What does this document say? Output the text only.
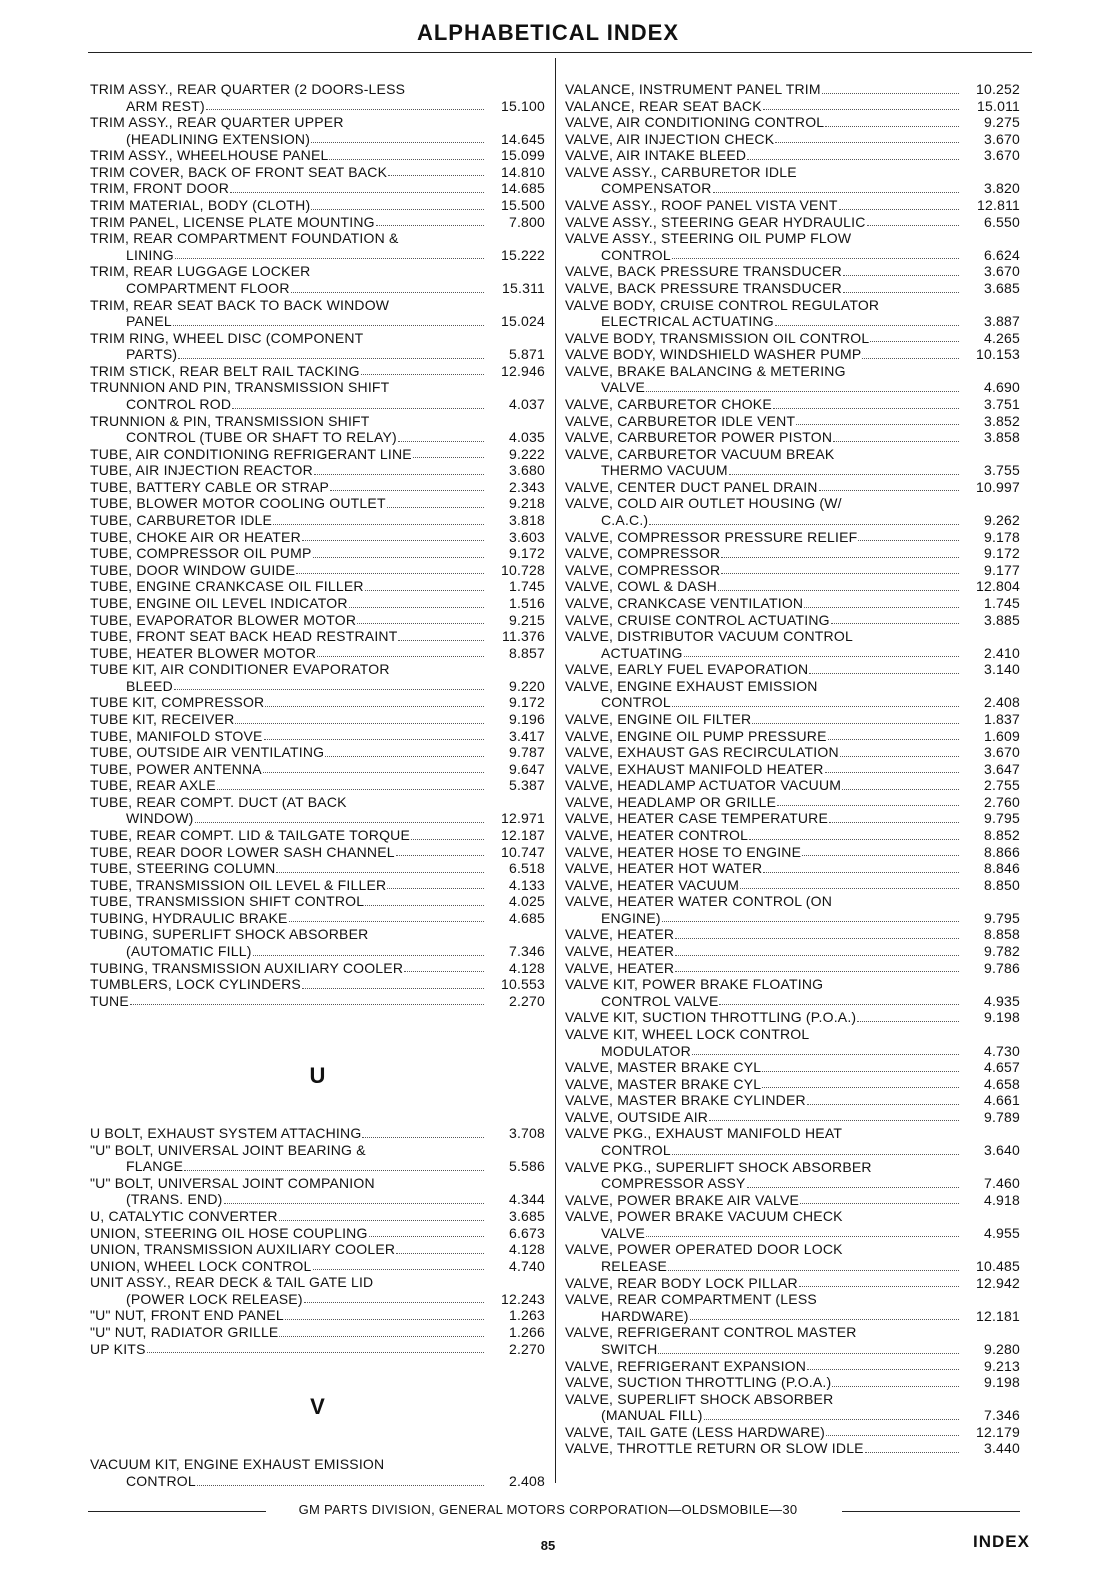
ALPHABETICAL INDEX
TRIM ASSY., REAR QUARTER (2 DOORS-LESS
ARM REST)	15.100
TRIM ASSY., REAR QUARTER UPPER
(HEADLINING EXTENSION)	14.645
TRIM ASSY., WHEELHOUSE PANEL	15.099
TRIM COVER, BACK OF FRONT SEAT BACK	14.810
TRIM, FRONT DOOR	14.685
TRIM MATERIAL, BODY (CLOTH)	15.500
TRIM PANEL, LICENSE PLATE MOUNTING	7.800
TRIM, REAR COMPARTMENT FOUNDATION &
LINING	15.222
TRIM, REAR LUGGAGE LOCKER
COMPARTMENT FLOOR	15.311
TRIM, REAR SEAT BACK TO BACK WINDOW
PANEL	15.024
TRIM RING, WHEEL DISC (COMPONENT
PARTS)	5.871
TRIM STICK, REAR BELT RAIL TACKING	12.946
TRUNNION AND PIN, TRANSMISSION SHIFT
CONTROL ROD	4.037
TRUNNION & PIN, TRANSMISSION SHIFT
CONTROL (TUBE OR SHAFT TO RELAY)	4.035
TUBE, AIR CONDITIONING REFRIGERANT LINE	9.222
TUBE, AIR INJECTION REACTOR	3.680
TUBE, BATTERY CABLE OR STRAP	2.343
TUBE, BLOWER MOTOR COOLING OUTLET	9.218
TUBE, CARBURETOR IDLE	3.818
TUBE, CHOKE AIR OR HEATER	3.603
TUBE, COMPRESSOR OIL PUMP	9.172
TUBE, DOOR WINDOW GUIDE	10.728
TUBE, ENGINE CRANKCASE OIL FILLER	1.745
TUBE, ENGINE OIL LEVEL INDICATOR	1.516
TUBE, EVAPORATOR BLOWER MOTOR	9.215
TUBE, FRONT SEAT BACK HEAD RESTRAINT	11.376
TUBE, HEATER BLOWER MOTOR	8.857
TUBE KIT, AIR CONDITIONER EVAPORATOR
BLEED	9.220
TUBE KIT, COMPRESSOR	9.172
TUBE KIT, RECEIVER	9.196
TUBE, MANIFOLD STOVE	3.417
TUBE, OUTSIDE AIR VENTILATING	9.787
TUBE, POWER ANTENNA	9.647
TUBE, REAR AXLE	5.387
TUBE, REAR COMPT. DUCT (AT BACK
WINDOW)	12.971
TUBE, REAR COMPT. LID & TAILGATE TORQUE	12.187
TUBE, REAR DOOR LOWER SASH CHANNEL	10.747
TUBE, STEERING COLUMN	6.518
TUBE, TRANSMISSION OIL LEVEL & FILLER	4.133
TUBE, TRANSMISSION SHIFT CONTROL	4.025
TUBING, HYDRAULIC BRAKE	4.685
TUBING, SUPERLIFT SHOCK ABSORBER
(AUTOMATIC FILL)	7.346
TUBING, TRANSMISSION AUXILIARY COOLER	4.128
TUMBLERS, LOCK CYLINDERS	10.553
TUNE	2.270
U
U BOLT, EXHAUST SYSTEM ATTACHING	3.708
"U" BOLT, UNIVERSAL JOINT BEARING &
FLANGE	5.586
"U" BOLT, UNIVERSAL JOINT COMPANION
(TRANS. END)	4.344
U, CATALYTIC CONVERTER	3.685
UNION, STEERING OIL HOSE COUPLING	6.673
UNION, TRANSMISSION AUXILIARY COOLER	4.128
UNION, WHEEL LOCK CONTROL	4.740
UNIT ASSY., REAR DECK & TAIL GATE LID
(POWER LOCK RELEASE)	12.243
"U" NUT, FRONT END PANEL	1.263
"U" NUT, RADIATOR GRILLE	1.266
UP KITS	2.270
V
VACUUM KIT, ENGINE EXHAUST EMISSION
CONTROL	2.408
VALANCE, INSTRUMENT PANEL TRIM	10.252
VALANCE, REAR SEAT BACK	15.011
VALVE, AIR CONDITIONING CONTROL	9.275
VALVE, AIR INJECTION CHECK	3.670
VALVE, AIR INTAKE BLEED	3.670
VALVE ASSY., CARBURETOR IDLE
COMPENSATOR	3.820
VALVE ASSY., ROOF PANEL VISTA VENT	12.811
VALVE ASSY., STEERING GEAR HYDRAULIC	6.550
VALVE ASSY., STEERING OIL PUMP FLOW
CONTROL	6.624
VALVE, BACK PRESSURE TRANSDUCER	3.670
VALVE, BACK PRESSURE TRANSDUCER	3.685
VALVE BODY, CRUISE CONTROL REGULATOR
ELECTRICAL ACTUATING	3.887
VALVE BODY, TRANSMISSION OIL CONTROL	4.265
VALVE BODY, WINDSHIELD WASHER PUMP	10.153
VALVE, BRAKE BALANCING & METERING
VALVE	4.690
VALVE, CARBURETOR CHOKE	3.751
VALVE, CARBURETOR IDLE VENT	3.852
VALVE, CARBURETOR POWER PISTON	3.858
VALVE, CARBURETOR VACUUM BREAK
THERMO VACUUM	3.755
VALVE, CENTER DUCT PANEL DRAIN	10.997
VALVE, COLD AIR OUTLET HOUSING (W/
C.A.C.)	9.262
VALVE, COMPRESSOR PRESSURE RELIEF	9.178
VALVE, COMPRESSOR	9.172
VALVE, COMPRESSOR	9.177
VALVE, COWL & DASH	12.804
VALVE, CRANKCASE VENTILATION	1.745
VALVE, CRUISE CONTROL ACTUATING	3.885
VALVE, DISTRIBUTOR VACUUM CONTROL
ACTUATING	2.410
VALVE, EARLY FUEL EVAPORATION	3.140
VALVE, ENGINE EXHAUST EMISSION
CONTROL	2.408
VALVE, ENGINE OIL FILTER	1.837
VALVE, ENGINE OIL PUMP PRESSURE	1.609
VALVE, EXHAUST GAS RECIRCULATION	3.670
VALVE, EXHAUST MANIFOLD HEATER	3.647
VALVE, HEADLAMP ACTUATOR VACUUM	2.755
VALVE, HEADLAMP OR GRILLE	2.760
VALVE, HEATER CASE TEMPERATURE	9.795
VALVE, HEATER CONTROL	8.852
VALVE, HEATER HOSE TO ENGINE	8.866
VALVE, HEATER HOT WATER	8.846
VALVE, HEATER VACUUM	8.850
VALVE, HEATER WATER CONTROL (ON
ENGINE)	9.795
VALVE, HEATER	8.858
VALVE, HEATER	9.782
VALVE, HEATER	9.786
VALVE KIT, POWER BRAKE FLOATING
CONTROL VALVE	4.935
VALVE KIT, SUCTION THROTTLING (P.O.A.)	9.198
VALVE KIT, WHEEL LOCK CONTROL
MODULATOR	4.730
VALVE, MASTER BRAKE CYL	4.657
VALVE, MASTER BRAKE CYL	4.658
VALVE, MASTER BRAKE CYLINDER	4.661
VALVE, OUTSIDE AIR	9.789
VALVE PKG., EXHAUST MANIFOLD HEAT
CONTROL	3.640
VALVE PKG., SUPERLIFT SHOCK ABSORBER
COMPRESSOR ASSY	7.460
VALVE, POWER BRAKE AIR VALVE	4.918
VALVE, POWER BRAKE VACUUM CHECK
VALVE	4.955
VALVE, POWER OPERATED DOOR LOCK
RELEASE	10.485
VALVE, REAR BODY LOCK PILLAR	12.942
VALVE, REAR COMPARTMENT (LESS
HARDWARE)	12.181
VALVE, REFRIGERANT CONTROL MASTER
SWITCH	9.280
VALVE, REFRIGERANT EXPANSION	9.213
VALVE, SUCTION THROTTLING (P.O.A.)	9.198
VALVE, SUPERLIFT SHOCK ABSORBER
(MANUAL FILL)	7.346
VALVE, TAIL GATE (LESS HARDWARE)	12.179
VALVE, THROTTLE RETURN OR SLOW IDLE	3.440
GM PARTS DIVISION, GENERAL MOTORS CORPORATION—OLDSMOBILE—30
85	INDEX
